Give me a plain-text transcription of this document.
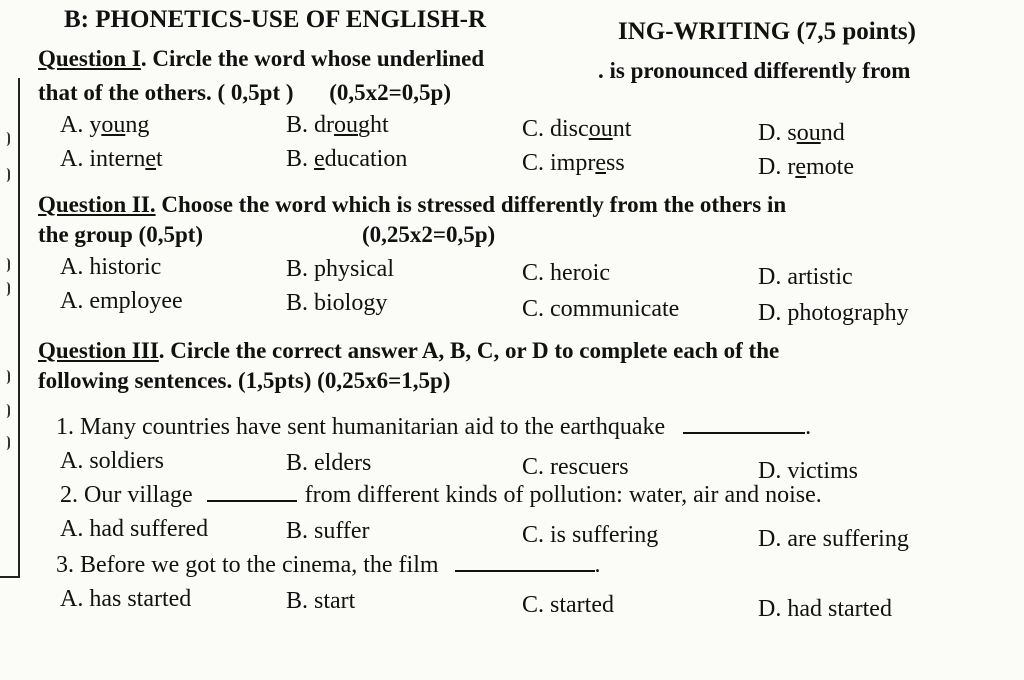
B: PHONETICS-USE OF ENGLISH-R	ING-WRITING (7,5 points)
Question I. Circle the word whose underlined	. is pronounced differently from
that of the others. ( 0,5pt ) (0,5x2=0,5p)
A. young	B. drought	C. discount	D. sound
A. internet	B. education	C. impress	D. remote
Question II. Choose the word which is stressed differently from the others in
the group (0,5pt)	(0,25x2=0,5p)
A. historic	B. physical	C. heroic	D. artistic
A. employee	B. biology	C. communicate	D. photography
Question III. Circle the correct answer A, B, C, or D to complete each of the
following sentences. (1,5pts) (0,25x6=1,5p)
1. Many countries have sent humanitarian aid to the earthquake	.
A. soldiers	B. elders	C. rescuers	D. victims
2. Our village	from different kinds of pollution: water, air and noise.
A. had suffered	B. suffer	C. is suffering	D. are suffering
3. Before we got to the cinema, the film	.
A. has started	B. start	C. started	D. had started
